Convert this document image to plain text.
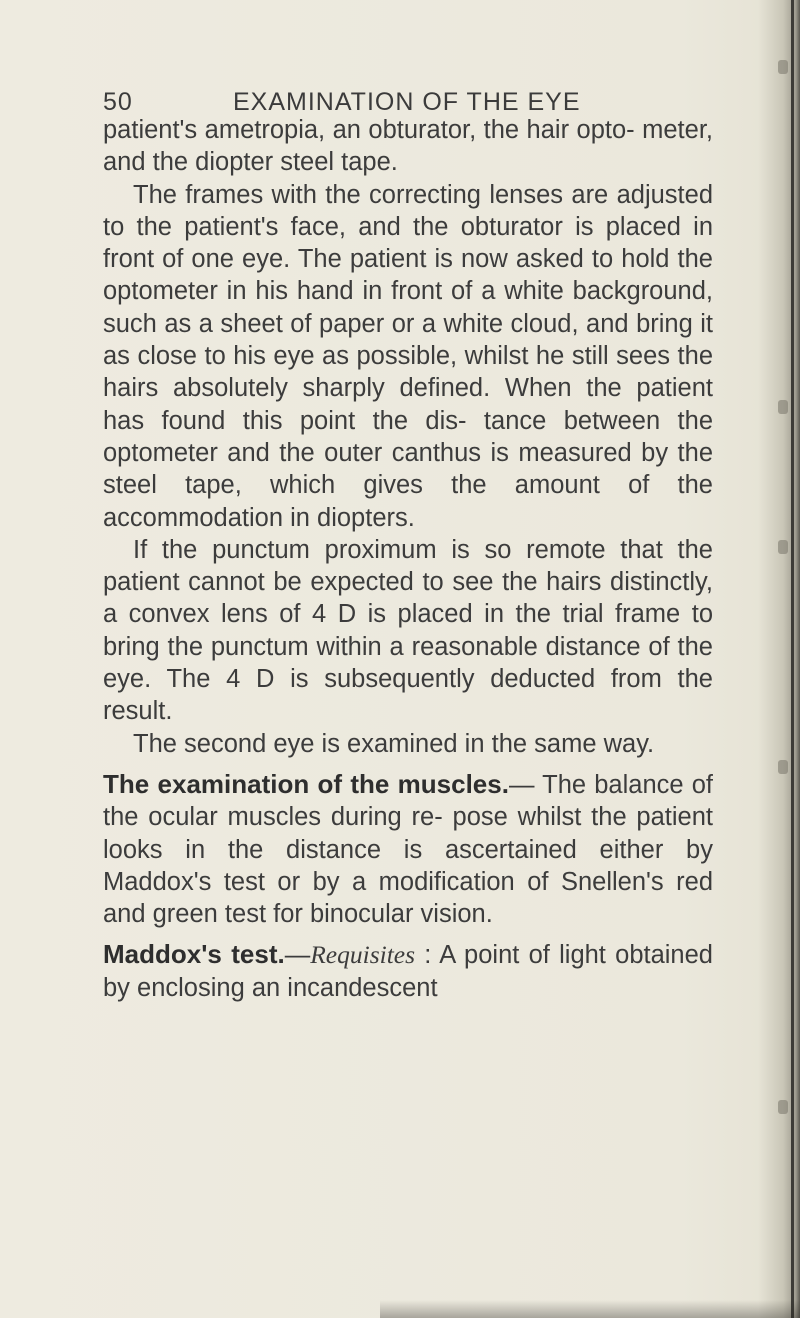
50	EXAMINATION OF THE EYE

patient's ametropia, an obturator, the hair opto- meter, and the diopter steel tape.

The frames with the correcting lenses are adjusted to the patient's face, and the obturator is placed in front of one eye. The patient is now asked to hold the optometer in his hand in front of a white background, such as a sheet of paper or a white cloud, and bring it as close to his eye as possible, whilst he still sees the hairs absolutely sharply defined. When the patient has found this point the dis- tance between the optometer and the outer canthus is measured by the steel tape, which gives the amount of the accommodation in diopters.

If the punctum proximum is so remote that the patient cannot be expected to see the hairs distinctly, a convex lens of 4 D is placed in the trial frame to bring the punctum within a reasonable distance of the eye. The 4 D is subsequently deducted from the result.

The second eye is examined in the same way.

The examination of the muscles.— The balance of the ocular muscles during re- pose whilst the patient looks in the distance is ascertained either by Maddox's test or by a modification of Snellen's red and green test for binocular vision.

Maddox's test.—Requisites : A point of light obtained by enclosing an incandescent
